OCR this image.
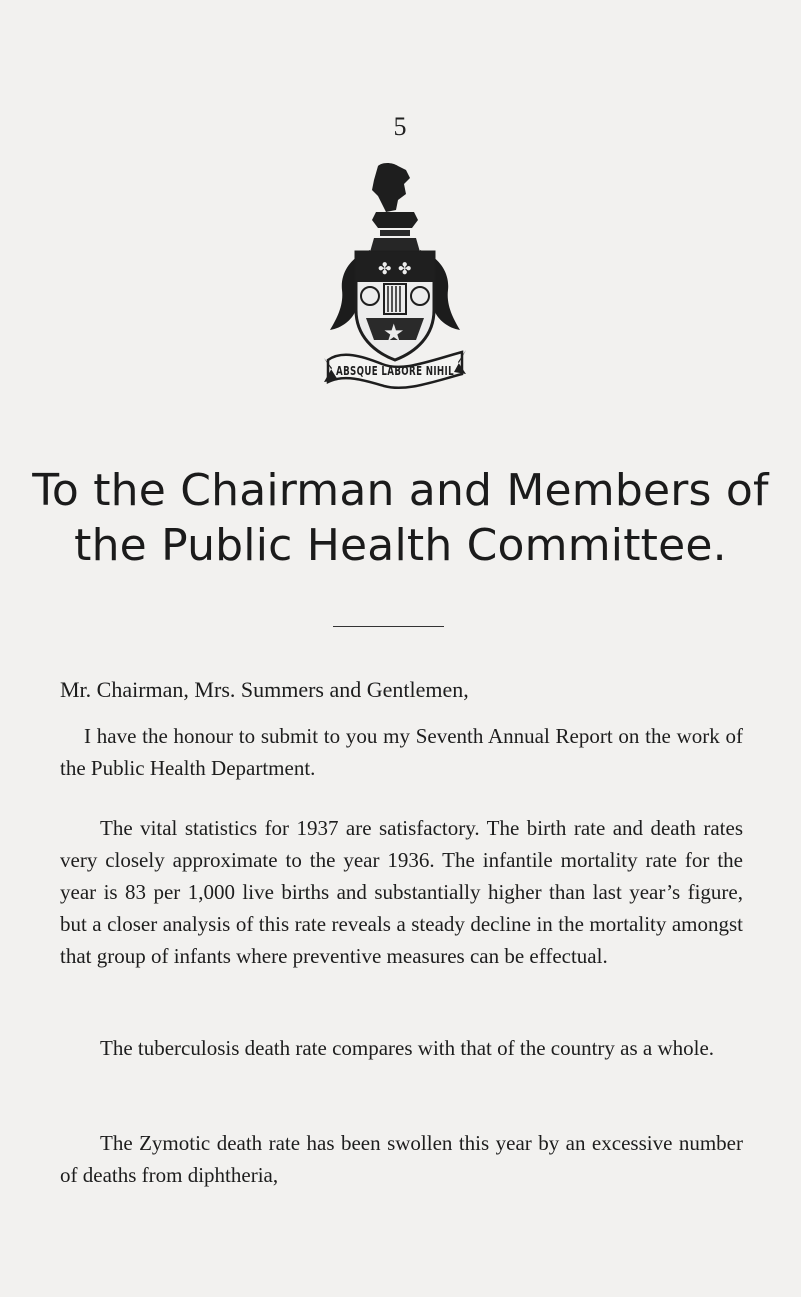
5
✤ ✤
★
ABSQUE LABORE NIHIL
To the Chairman and Members of
the Public Health Committee.
Mr. Chairman, Mrs. Summers and Gentlemen,

I have the honour to submit to you my Seventh Annual Report on the work of the Public Health Department.

The vital statistics for 1937 are satisfactory. The birth rate and death rates very closely approximate to the year 1936. The infantile mortality rate for the year is 83 per 1,000 live births and substantially higher than last year’s figure, but a closer analysis of this rate reveals a steady decline in the mortality amongst that group of infants where preventive measures can be effectual.

The tuberculosis death rate compares with that of the country as a whole.

The Zymotic death rate has been swollen this year by an excessive number of deaths from diphtheria,
